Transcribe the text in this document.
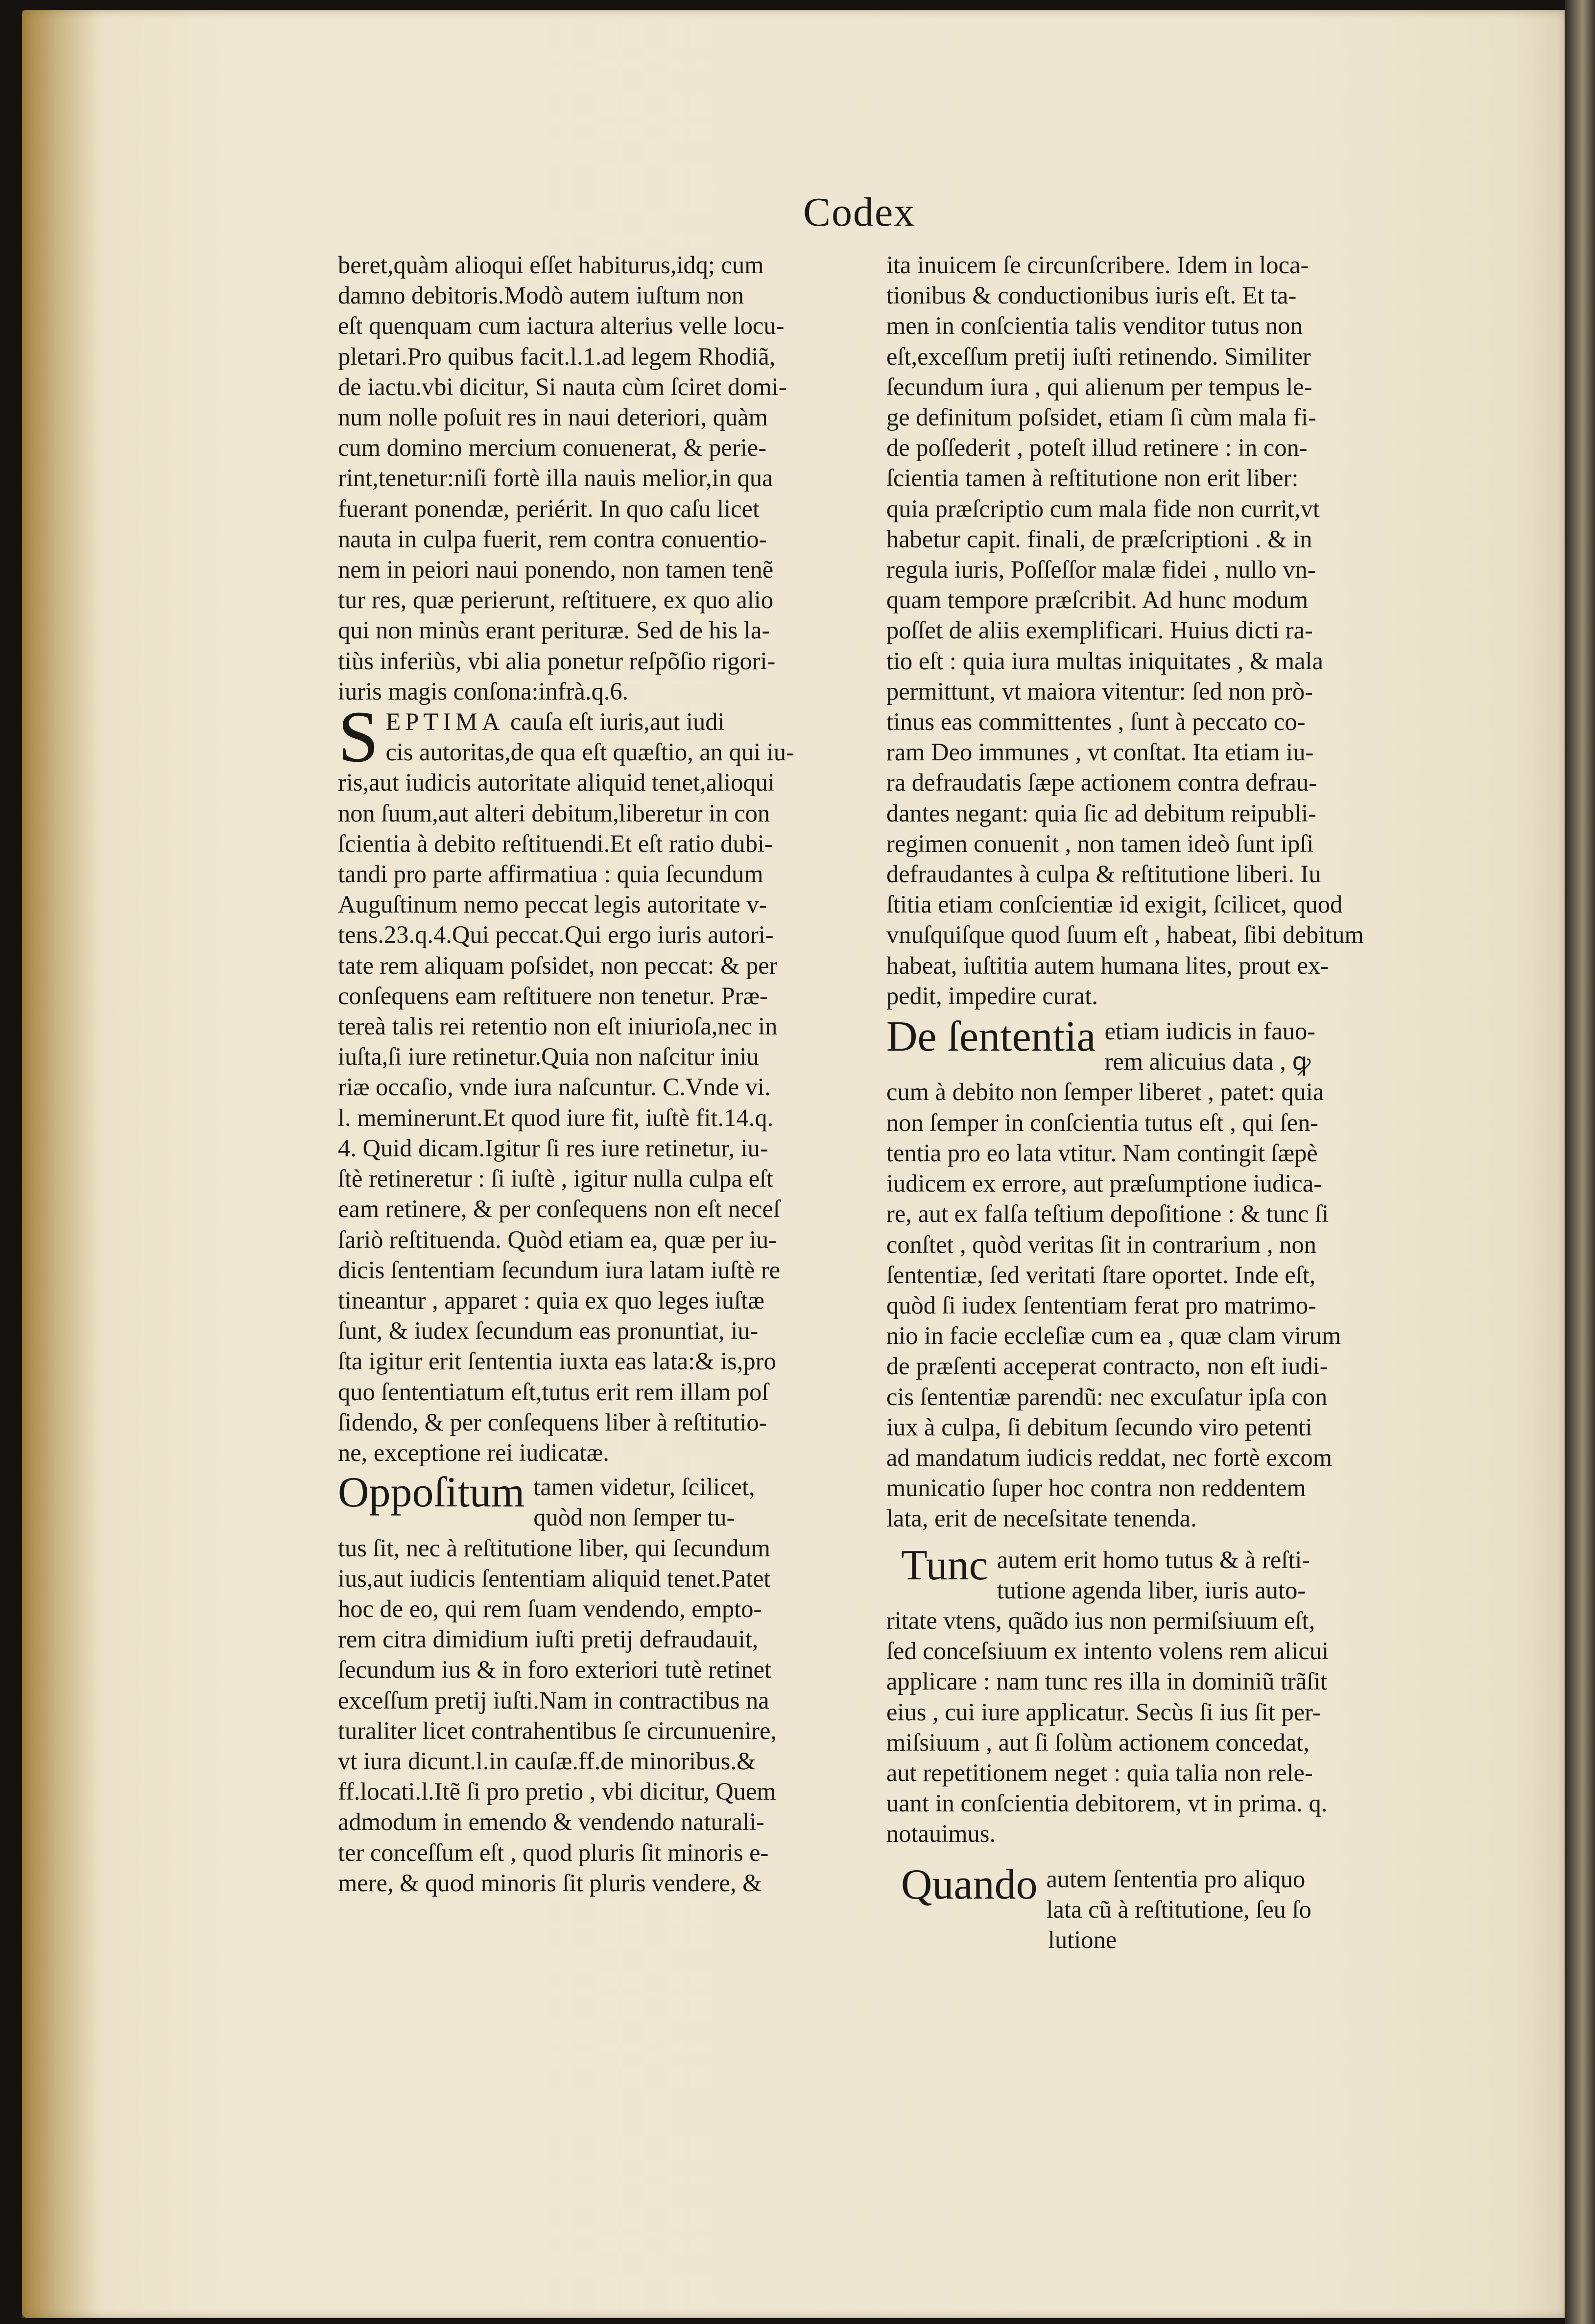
Codex
beret,quàm alioqui eſſet habiturus,idq; cum
damno debitoris.Modò autem iuſtum non
eſt quenquam cum iactura alterius velle locu-
pletari.Pro quibus facit.l.1.ad legem Rhodiã,
de iactu.vbi dicitur, Si nauta cùm ſciret domi-
num nolle poſuit res in naui deteriori, quàm
cum domino mercium conuenerat, & perie-
rint,tenetur:niſi fortè illa nauis melior,in qua
fuerant ponendæ, periérit. In quo caſu licet
nauta in culpa fuerit, rem contra conuentio-
nem in peiori naui ponendo, non tamen tenẽ
tur res, quæ perierunt, reſtituere, ex quo alio
qui non minùs erant perituræ. Sed de his la-
tiùs inferiùs, vbi alia ponetur reſpõſio rigori-
iuris magis conſona:infrà.q.6.
S EPTIMA cauſa eſt iuris,aut iudi
cis autoritas,de qua eſt quæſtio, an qui iu-
ris,aut iudicis autoritate aliquid tenet,alioqui
non ſuum,aut alteri debitum,liberetur in con
ſcientia à debito reſtituendi.Et eſt ratio dubi-
tandi pro parte affirmatiua : quia ſecundum
Auguſtinum nemo peccat legis autoritate v-
tens.23.q.4.Qui peccat.Qui ergo iuris autori-
tate rem aliquam poſsidet, non peccat: & per
conſequens eam reſtituere non tenetur. Præ-
tereà talis rei retentio non eſt iniurioſa,nec in
iuſta,ſi iure retinetur.Quia non naſcitur iniu
riæ occaſio, vnde iura naſcuntur. C.Vnde vi.
l. meminerunt.Et quod iure fit, iuſtè fit.14.q.
4. Quid dicam.Igitur ſi res iure retinetur, iu-
ſtè retineretur : ſi iuſtè , igitur nulla culpa eſt
eam retinere, & per conſequens non eſt neceſ
ſariò reſtituenda. Quòd etiam ea, quæ per iu-
dicis ſententiam ſecundum iura latam iuſtè re
tineantur , apparet : quia ex quo leges iuſtæ
ſunt, & iudex ſecundum eas pronuntiat, iu-
ſta igitur erit ſententia iuxta eas lata:& is,pro
quo ſententiatum eſt,tutus erit rem illam poſ
ſidendo, & per conſequens liber à reſtitutio-
ne, exceptione rei iudicatæ.
Oppoſitum tamen videtur, ſcilicet,
quòd non ſemper tu-
tus ſit, nec à reſtitutione liber, qui ſecundum
ius,aut iudicis ſententiam aliquid tenet.Patet
hoc de eo, qui rem ſuam vendendo, empto-
rem citra dimidium iuſti pretij defraudauit,
ſecundum ius & in foro exteriori tutè retinet
exceſſum pretij iuſti.Nam in contractibus na
turaliter licet contrahentibus ſe circunuenire,
vt iura dicunt.l.in cauſæ.ff.de minoribus.&
ff.locati.l.Itẽ ſi pro pretio , vbi dicitur, Quem
admodum in emendo & vendendo naturali-
ter conceſſum eſt , quod pluris ſit minoris e-
mere, & quod minoris ſit pluris vendere, &
ita inuicem ſe circunſcribere. Idem in loca-
tionibus & conductionibus iuris eſt. Et ta-
men in conſcientia talis venditor tutus non
eſt,exceſſum pretij iuſti retinendo. Similiter
ſecundum iura , qui alienum per tempus le-
ge definitum poſsidet, etiam ſi cùm mala fi-
de poſſederit , poteſt illud retinere : in con-
ſcientia tamen à reſtitutione non erit liber:
quia præſcriptio cum mala fide non currit,vt
habetur capit. finali, de præſcriptioni . & in
regula iuris, Poſſeſſor malæ fidei , nullo vn-
quam tempore præſcribit. Ad hunc modum
poſſet de aliis exemplificari. Huius dicti ra-
tio eſt : quia iura multas iniquitates , & mala
permittunt, vt maiora vitentur: ſed non prò-
tinus eas committentes , ſunt à peccato co-
ram Deo immunes , vt conſtat. Ita etiam iu-
ra defraudatis ſæpe actionem contra defrau-
dantes negant: quia ſic ad debitum reipubli-
regimen conuenit , non tamen ideò ſunt ipſi
defraudantes à culpa & reſtitutione liberi. Iu
ſtitia etiam conſcientiæ id exigit, ſcilicet, quod
vnuſquiſque quod ſuum eſt , habeat, ſibi debitum
habeat, iuſtitia autem humana lites, prout ex-
pedit, impedire curat.
De ſententia etiam iudicis in fauo-
rem alicuius data , ꝙ
cum à debito non ſemper liberet , patet: quia
non ſemper in conſcientia tutus eſt , qui ſen-
tentia pro eo lata vtitur. Nam contingit ſæpè
iudicem ex errore, aut præſumptione iudica-
re, aut ex falſa teſtium depoſitione : & tunc ſi
conſtet , quòd veritas ſit in contrarium , non
ſententiæ, ſed veritati ſtare oportet. Inde eſt,
quòd ſi iudex ſententiam ferat pro matrimo-
nio in facie eccleſiæ cum ea , quæ clam virum
de præſenti acceperat contracto, non eſt iudi-
cis ſententiæ parendũ: nec excuſatur ipſa con
iux à culpa, ſi debitum ſecundo viro petenti
ad mandatum iudicis reddat, nec fortè excom
municatio ſuper hoc contra non reddentem
lata, erit de neceſsitate tenenda.
Tunc autem erit homo tutus & à reſti-
tutione agenda liber, iuris auto-
ritate vtens, quãdo ius non permiſsiuum eſt,
ſed conceſsiuum ex intento volens rem alicui
applicare : nam tunc res illa in dominiũ trãſit
eius , cui iure applicatur. Secùs ſi ius ſit per-
miſsiuum , aut ſi ſolùm actionem concedat,
aut repetitionem neget : quia talia non rele-
uant in conſcientia debitorem, vt in prima. q.
notauimus.
Quando autem ſententia pro aliquo
lata cũ à reſtitutione, ſeu ſo
lutione
